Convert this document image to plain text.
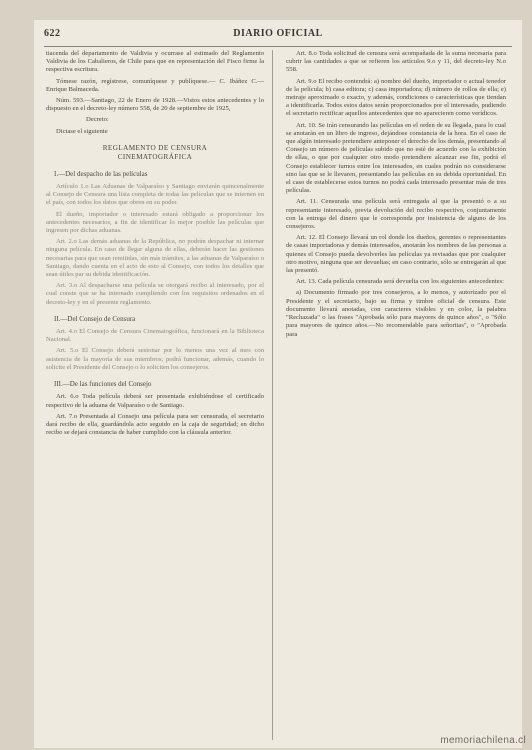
622	DIARIO OFICIAL

tiacenda del departamento de Valdivia y ocurrase al estimado del Reglamento Valdivia de los Cabalieros, de Chile para que en representación del Fisco firme la respectiva escritura.

Tómese razón, regístrese, comuníquese y publíquese.— C. Ibáñez C.— Enrique Balmaceda.

Núm. 593.—Santiago, 22 de Enero de 1928.—Vistos estos antecedentes y lo dispuesto en el decreto-ley número 558, de 20 de septiembre de 1925,

Decreto:

Dictase el siguiente

REGLAMENTO DE CENSURA
CINEMATOGRÁFICA
I.—Del despacho de las películas

Artículo 1.o Las Aduanas de Valparaíso y Santiago enviarán quincenalmente al Consejo de Censura una lista completa de todas las películas que se internen en el país, con todos los datos que obren en su poder.

El dueño, importador o interesado estará obligado a proporcionar los antecedentes necesarios, a fin de identificar lo mejor posible las películas que ingresen por dichas aduanas.

Art. 2.o Las demás aduanas de la República, no podrán despachar ni internar ninguna película. En caso de llegar alguna de ellas, deberán hacer las gestiones necesarias para que sean remitidas, sin más trámites, a las aduanas de Valparaíso o Santiago, dando cuenta en el acto de esto al Consejo, con todos los detalles que sean útiles par su debida identificación.

Art. 3.o Al despacharse una película se otorgará recibo al interesado, por el cual conste que se ha internado cumpliendo con los requisitos ordenados en el decreto-ley y en el presente reglamento.

II.—Del Consejo de Censura

Art. 4.o El Consejo de Censura Cinematográfica, funcionará en la Biblioteca Nacional.

Art. 5.o El Consejo deberá sesionar por lo menos una vez al mes con asistencia de la mayoría de sus miembros; podrá funcionar, además, cuando lo solicite el Presidente del Consejo o lo soliciten los consejeros.

III.—De las funciones del Consejo

Art. 6.o Toda película deberá ser presentada exhibiéndose el certificado respectivo de la aduana de Valparaíso o de Santiago.

Art. 7.o Presentada al Consejo una película para ser censurada, el secretario dará recibo de ella, guardándola acto seguido en la caja de seguridad; en dicho recibo se dejará constancia de haber cumplido con la cláusula anterior.

Art. 8.o Toda solicitud de censura será acompañada de la suma necesaria para cubrir las cantidades a que se refieren los artículos 9.o y 11, del decreto-ley N.o 558.

Art. 9.o El recibo contendrá: a) nombre del dueño, importador o actual tenedor de la película; b) casa editora; c) casa importadora; d) número de rollos de ella; e) metraje aproximado o exacto, y además, condiciones o características que tiendan a identificarla. Todos estos datos serán proporcionados por el interesado, pudiendo el secretario rectificar aquellos antecedentes que no aparecieren como verídicos.

Art. 10. Se irán censurando las películas en el orden de su llegada, para lo cual se anotarán en un libro de ingreso, dejándose constancia de la hora. En el caso de que algún interesado pretendiere anteponer el derecho de los demás, presentando al Consejo un número de películas subido que no esté de acuerdo con la exhibición de ellas, o que por cualquier otro modo pretendiere alcanzar ese fin, podrá el Consejo establecer turnos entre los interesados, en cuales podrán no considerarse sino las que se le llevaren, presentando las películas en su debida oportunidad. En el caso de establecerse estos turnos no podrá cada interesado presentar más de tres películas.

Art. 11. Censurada una película será entregada al que la presentó o a su representante interesado, previa devolución del recibo respectivo, conjuntamente con la entrega del dinero que le corresponda por insistencia de alguno de los consejeros.

Art. 12. El Consejo llevará un rol donde los dueños, gerentes o representantes de casas importadoras y demás interesados, anotarán los nombres de las personas a quienes el Consejo pueda devolverles las películas ya revisadas que por cualquier otro motivo, ninguna que ser devueltas; en caso contrario, sólo se entregarán al que las presentó.

Art. 13. Cada película censurada será devuelta con los siguientes antecedentes:

a) Documento firmado por tres consejeros, a lo menos, y autorizado por el Presidente y el secretario, bajo su firma y timbre oficial de censura. Este documento llevará anotadas, con caracteres visibles y en color, la palabra "Rechazada" o las frases "Aprobada sólo para mayores de quince años", o "Sólo para mayores de quince años.—No recomendable para señoritas", o "Aprobada para

memoriachilena.cl
